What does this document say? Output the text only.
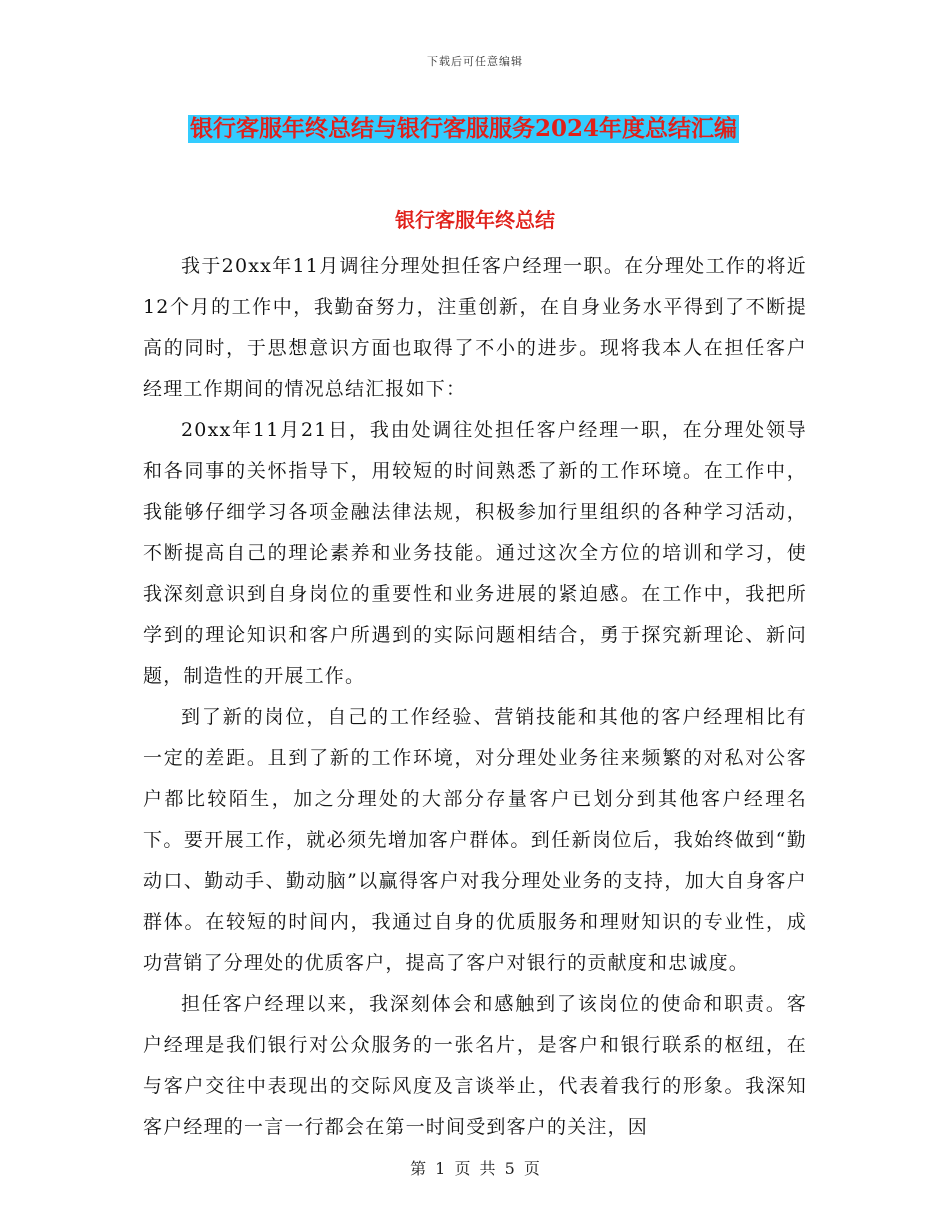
下载后可任意编辑
银行客服年终总结与银行客服服务2024年度总结汇编
银行客服年终总结

我于20xx年11月调往分理处担任客户经理一职。在分理处工作的将近12个月的工作中，我勤奋努力，注重创新，在自身业务水平得到了不断提高的同时，于思想意识方面也取得了不小的进步。现将我本人在担任客户经理工作期间的情况总结汇报如下：

20xx年11月21日，我由处调往处担任客户经理一职，在分理处领导和各同事的关怀指导下，用较短的时间熟悉了新的工作环境。在工作中，我能够仔细学习各项金融法律法规，积极参加行里组织的各种学习活动，不断提高自己的理论素养和业务技能。通过这次全方位的培训和学习，使我深刻意识到自身岗位的重要性和业务进展的紧迫感。在工作中，我把所学到的理论知识和客户所遇到的实际问题相结合，勇于探究新理论、新问题，制造性的开展工作。

到了新的岗位，自己的工作经验、营销技能和其他的客户经理相比有一定的差距。且到了新的工作环境，对分理处业务往来频繁的对私对公客户都比较陌生，加之分理处的大部分存量客户已划分到其他客户经理名下。要开展工作，就必须先增加客户群体。到任新岗位后，我始终做到“勤动口、勤动手、勤动脑”以赢得客户对我分理处业务的支持，加大自身客户群体。在较短的时间内，我通过自身的优质服务和理财知识的专业性，成功营销了分理处的优质客户，提高了客户对银行的贡献度和忠诚度。

担任客户经理以来，我深刻体会和感触到了该岗位的使命和职责。客户经理是我们银行对公众服务的一张名片，是客户和银行联系的枢纽，在与客户交往中表现出的交际风度及言谈举止，代表着我行的形象。我深知客户经理的一言一行都会在第一时间受到客户的关注，因

第 1 页 共 5 页
